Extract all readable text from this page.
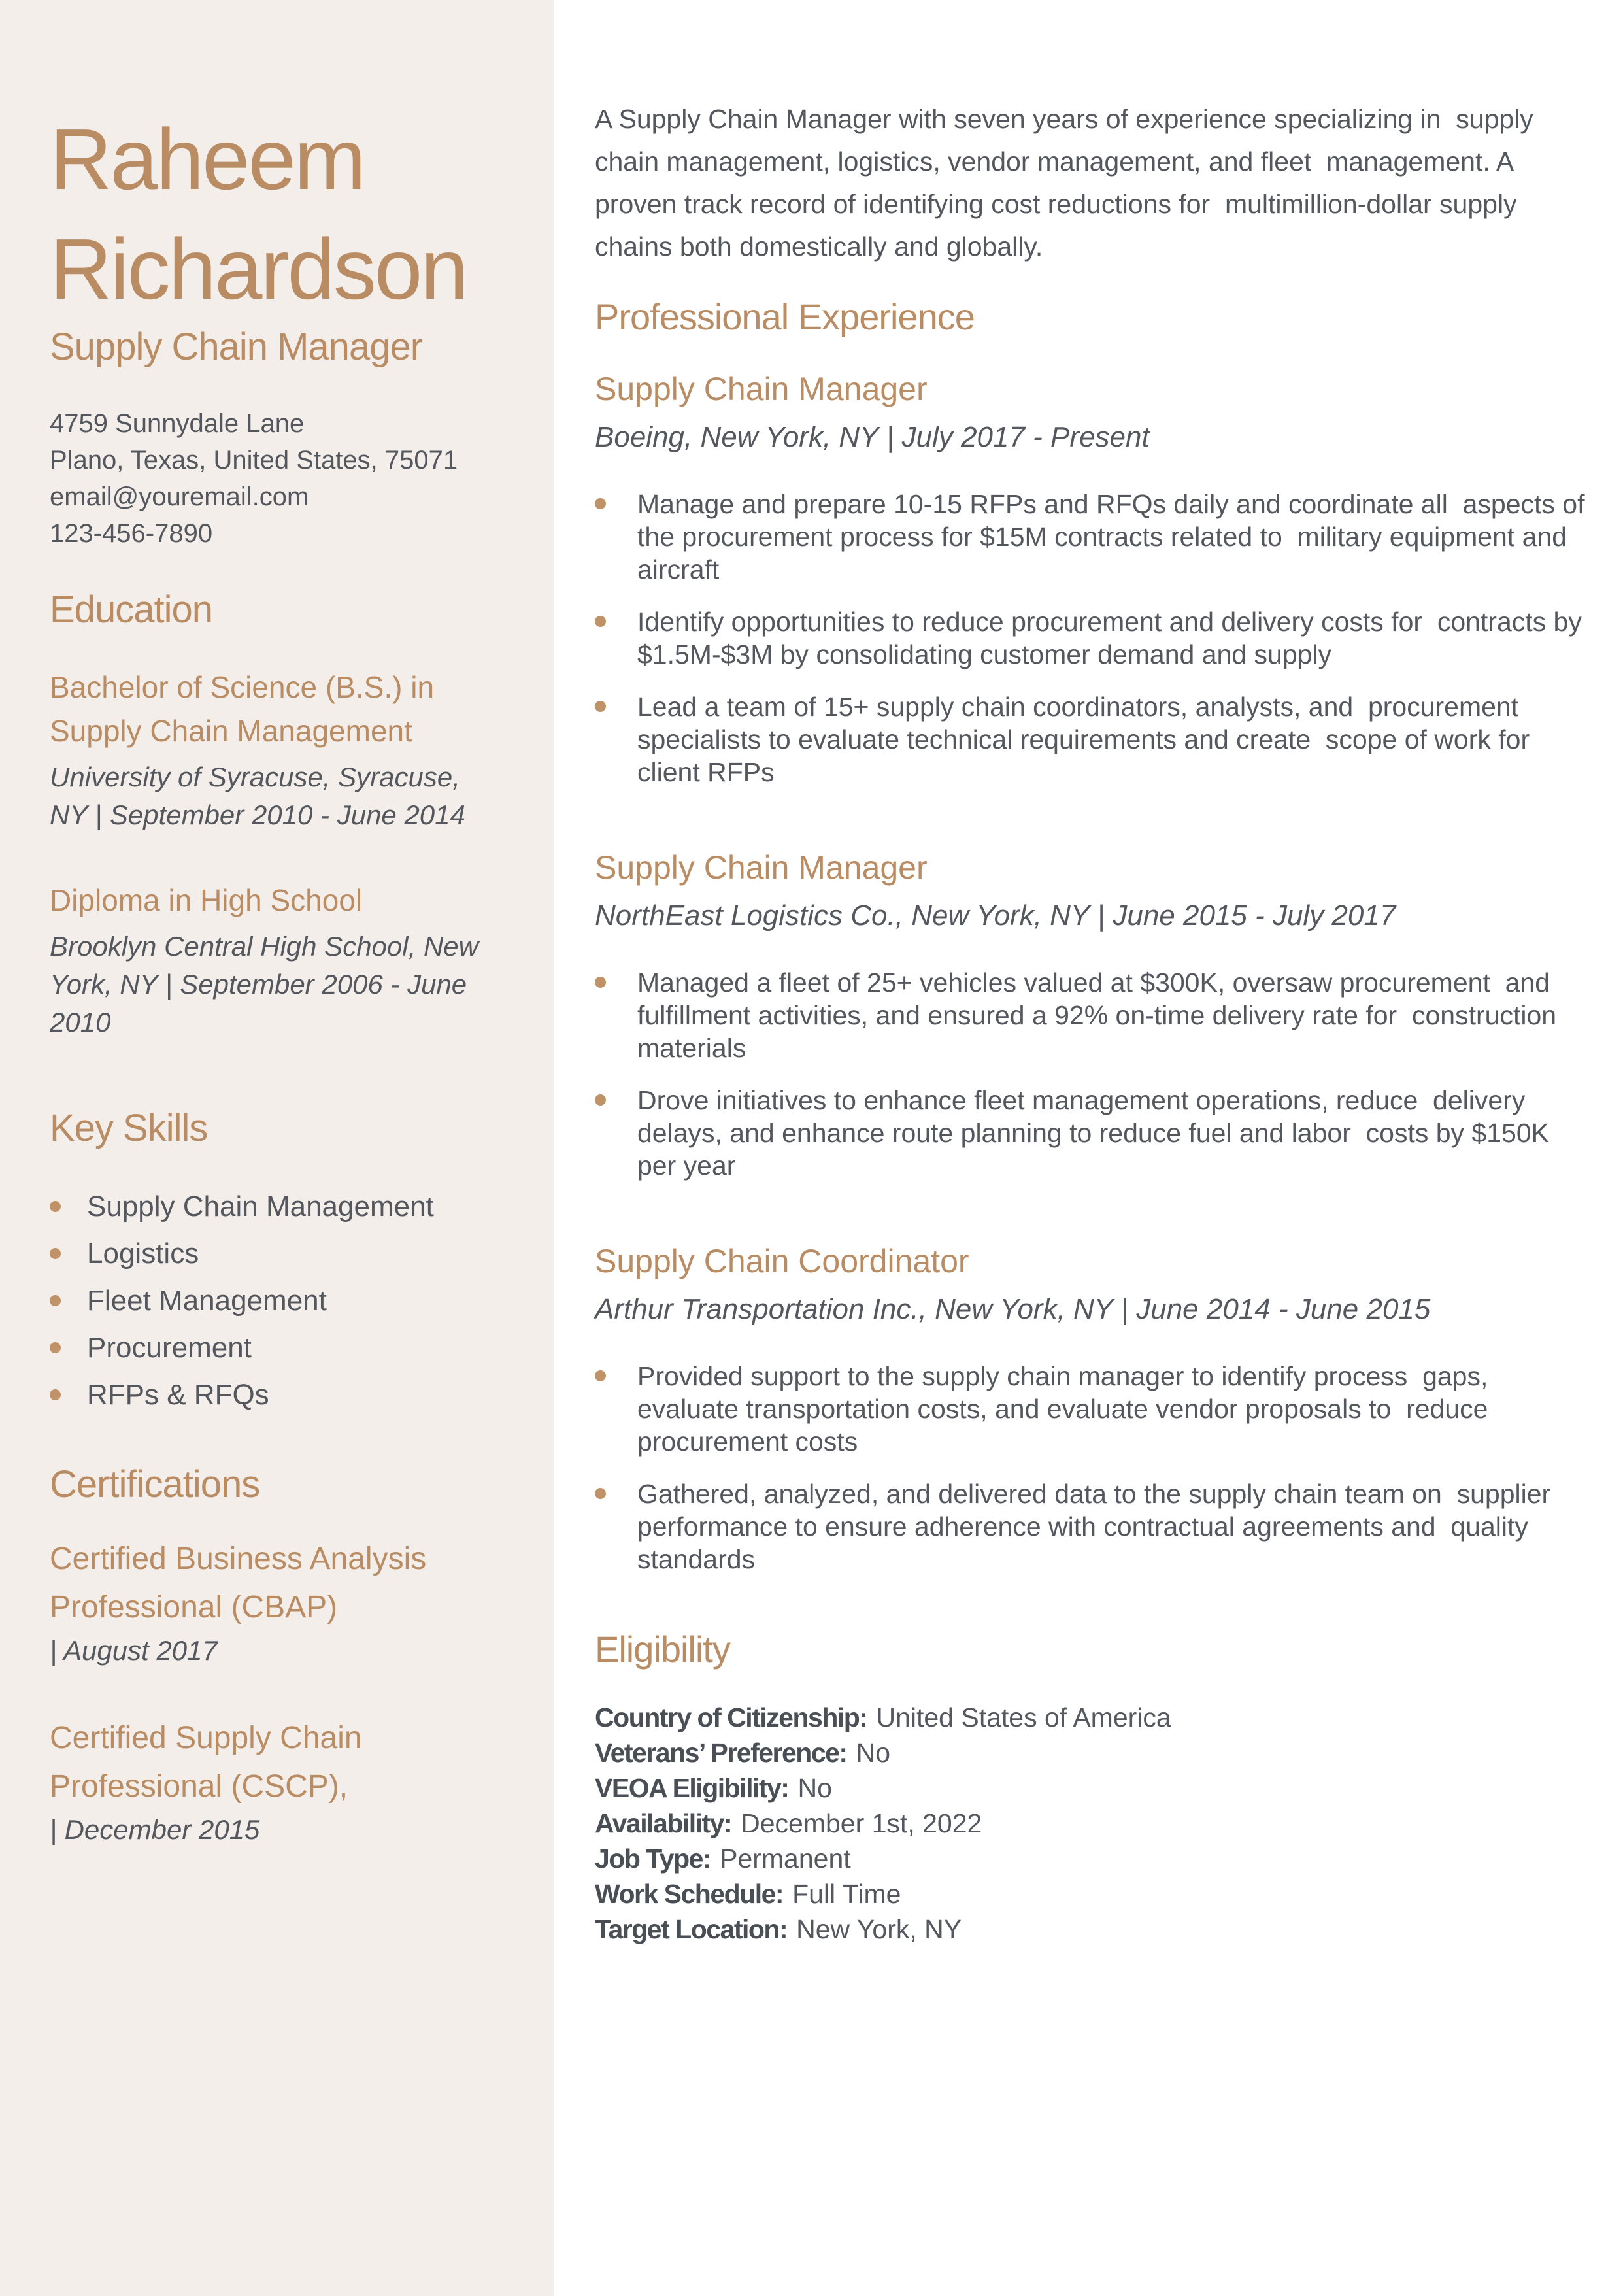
Raheem Richardson
Supply Chain Manager
4759 Sunnydale Lane
Plano, Texas, United States, 75071
email@youremail.com
123-456-7890
Education
Bachelor of Science (B.S.) in Supply Chain Management
University of Syracuse, Syracuse, NY | September 2010 - June 2014
Diploma in High School
Brooklyn Central High School, New York, NY | September 2006 - June 2010
Key Skills
Supply Chain Management
Logistics
Fleet Management
Procurement
RFPs & RFQs
Certifications
Certified Business Analysis Professional (CBAP)
| August 2017
Certified Supply Chain Professional (CSCP),
| December 2015

A Supply Chain Manager with seven years of experience specializing in  supply chain management, logistics, vendor management, and fleet  management. A proven track record of identifying cost reductions for  multimillion-dollar supply chains both domestically and globally.

Professional Experience
Supply Chain Manager
Boeing, New York, NY | July 2017 - Present
Manage and prepare 10-15 RFPs and RFQs daily and coordinate all  aspects of the procurement process for $15M contracts related to  military equipment and aircraft
Identify opportunities to reduce procurement and delivery costs for  contracts by $1.5M-$3M by consolidating customer demand and supply
Lead a team of 15+ supply chain coordinators, analysts, and  procurement specialists to evaluate technical requirements and create  scope of work for client RFPs
Supply Chain Manager
NorthEast Logistics Co., New York, NY | June 2015 - July 2017
Managed a fleet of 25+ vehicles valued at $300K, oversaw procurement  and fulfillment activities, and ensured a 92% on-time delivery rate for  construction materials
Drove initiatives to enhance fleet management operations, reduce  delivery delays, and enhance route planning to reduce fuel and labor  costs by $150K per year
Supply Chain Coordinator
Arthur Transportation Inc., New York, NY | June 2014 - June 2015
Provided support to the supply chain manager to identify process  gaps, evaluate transportation costs, and evaluate vendor proposals to  reduce procurement costs
Gathered, analyzed, and delivered data to the supply chain team on  supplier performance to ensure adherence with contractual agreements and  quality standards
Eligibility
Country of Citizenship: United States of America
Veterans’ Preference: No
VEOA Eligibility: No
Availability: December 1st, 2022
Job Type: Permanent
Work Schedule: Full Time
Target Location: New York, NY
